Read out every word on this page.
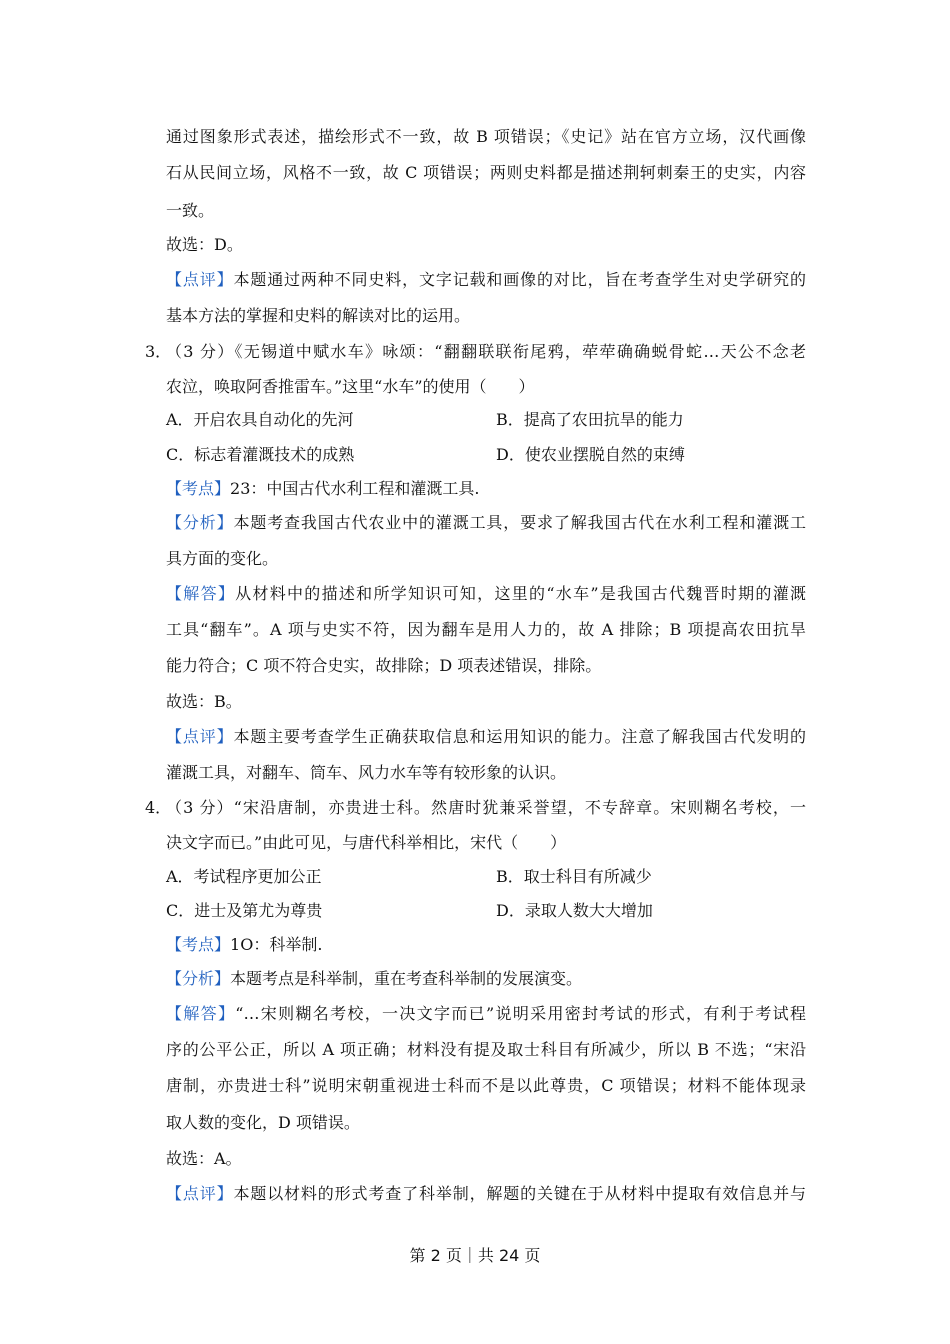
通过图象形式表述，描绘形式不一致，故 B 项错误；《史记》站在官方立场，汉代画像
石从民间立场，风格不一致，故 C 项错误；两则史料都是描述荆轲刺秦王的史实，内容
一致。
故选：D。
【点评】本题通过两种不同史料，文字记载和画像的对比，旨在考查学生对史学研究的
基本方法的掌握和史料的解读对比的运用。
3．
（3 分）《无锡道中赋水车》咏颂：“翻翻联联衔尾鸦，荦荦确确蜕骨蛇…天公不念老
农泣，唤取阿香推雷车。”这里“水车”的使用（　　）
A．开启农具自动化的先河	B．提高了农田抗旱的能力
C．标志着灌溉技术的成熟	D．使农业摆脱自然的束缚
【考点】23：中国古代水利工程和灌溉工具.
【分析】本题考查我国古代农业中的灌溉工具，要求了解我国古代在水利工程和灌溉工
具方面的变化。
【解答】从材料中的描述和所学知识可知，这里的“水车”是我国古代魏晋时期的灌溉
工具“翻车”。A 项与史实不符，因为翻车是用人力的，故 A 排除；B 项提高农田抗旱
能力符合；C 项不符合史实，故排除；D 项表述错误，排除。
故选：B。
【点评】本题主要考查学生正确获取信息和运用知识的能力。注意了解我国古代发明的
灌溉工具，对翻车、筒车、风力水车等有较形象的认识。
4．
（3 分）“宋沿唐制，亦贵进士科。然唐时犹兼采誉望，不专辞章。宋则糊名考校，一
决文字而已。”由此可见，与唐代科举相比，宋代（　　）
A．考试程序更加公正	B．取士科目有所减少
C．进士及第尤为尊贵	D．录取人数大大增加
【考点】1O：科举制.
【分析】本题考点是科举制，重在考查科举制的发展演变。
【解答】“…宋则糊名考校，一决文字而已”说明采用密封考试的形式，有利于考试程
序的公平公正，所以 A 项正确；材料没有提及取士科目有所减少，所以 B 不选；“宋沿
唐制，亦贵进士科”说明宋朝重视进士科而不是以此尊贵，C 项错误；材料不能体现录
取人数的变化，D 项错误。
故选：A。
【点评】本题以材料的形式考查了科举制，解题的关键在于从材料中提取有效信息并与
第 2 页｜共 24 页
